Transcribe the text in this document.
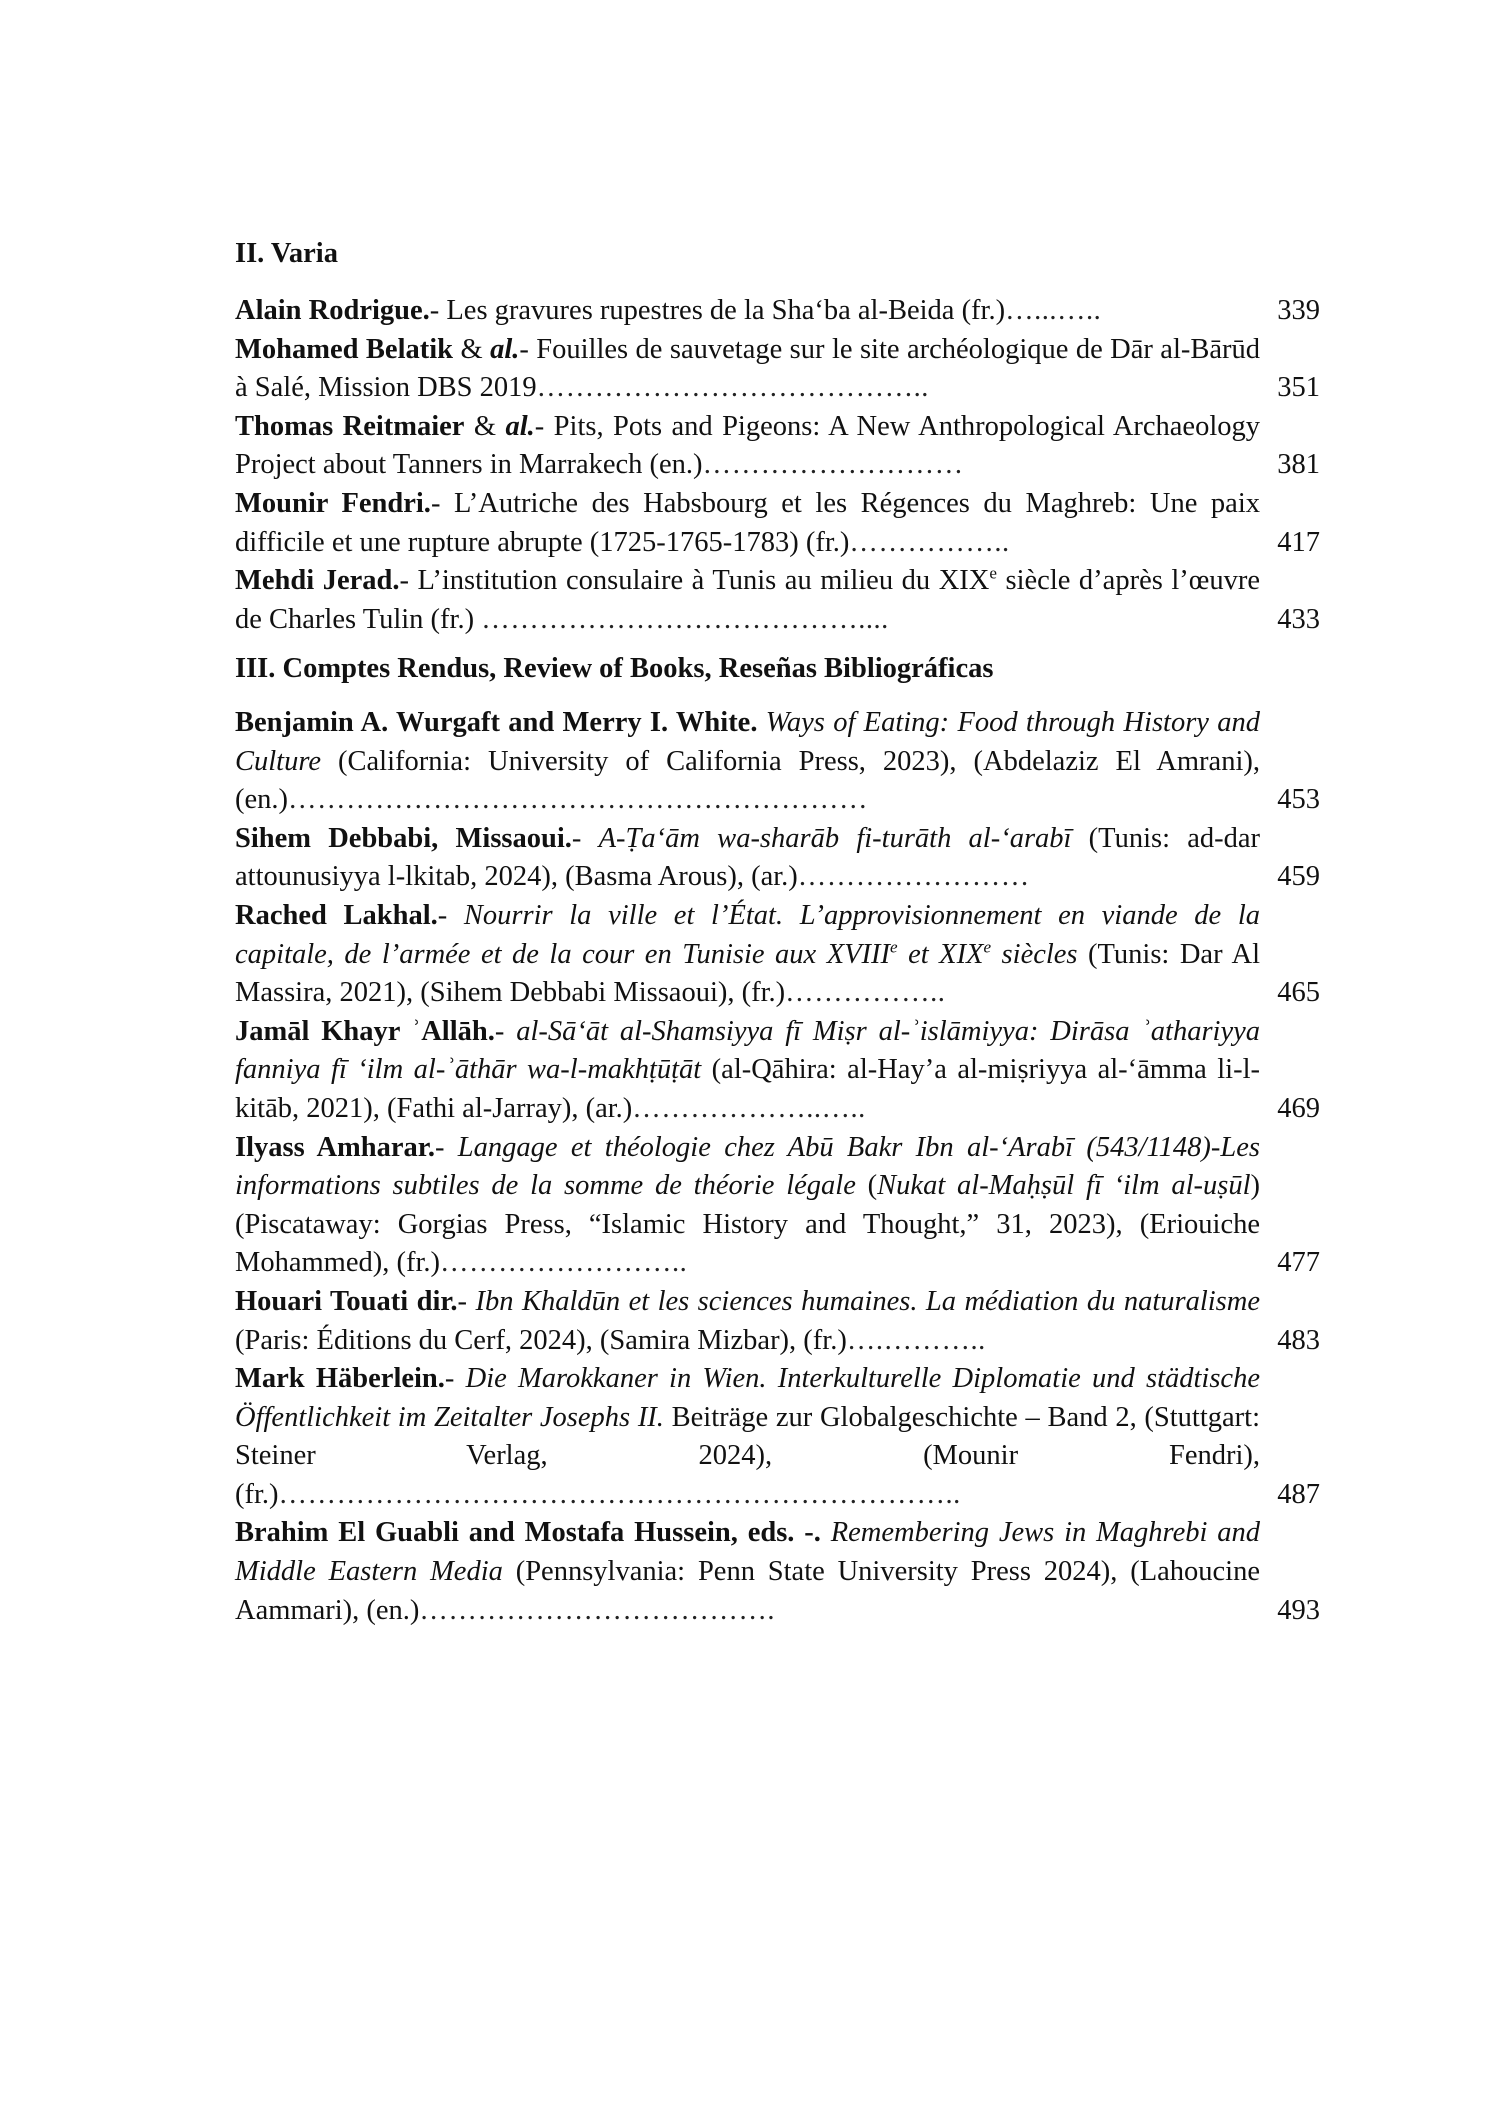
II. Varia
Alain Rodrigue.- Les gravures rupestres de la Sha‘ba al-Beida (fr.)…...…..	339
Mohamed Belatik & al.- Fouilles de sauvetage sur le site archéologique de Dār al-Bārūd à Salé, Mission DBS 2019…………………………………..	351
Thomas Reitmaier & al.- Pits, Pots and Pigeons: A New Anthropological Archaeology Project about Tanners in Marrakech (en.)………………………	381
Mounir Fendri.- L’Autriche des Habsbourg et les Régences du Maghreb: Une paix difficile et une rupture abrupte (1725-1765-1783) (fr.)……………..	417
Mehdi Jerad.- L’institution consulaire à Tunis au milieu du XIXe siècle d’après l’œuvre de Charles Tulin (fr.) …………………………………....	433
III. Comptes Rendus, Review of Books, Reseñas Bibliográficas
Benjamin A. Wurgaft and Merry I. White. Ways of Eating: Food through History and Culture (California: University of California Press, 2023), (Abdelaziz El Amrani), (en.)……………………………………………………	453
Sihem Debbabi, Missaoui.- A-Ṭa‘ām wa-sharāb fi-turāth al-‘arabī (Tunis: ad-dar attounusiyya l-lkitab, 2024), (Basma Arous), (ar.)……………………	459
Rached Lakhal.- Nourrir la ville et l’État. L’approvisionnement en viande de la capitale, de l’armée et de la cour en Tunisie aux XVIIIe et XIXe siècles (Tunis: Dar Al Massira, 2021), (Sihem Debbabi Missaoui), (fr.)……………..	465
Jamāl Khayr ʾAllāh.- al-Sā‘āt al-Shamsiyya fī Miṣr al-ʾislāmiyya: Dirāsa ʾathariyya fanniya fī ‘ilm al-ʾāthār wa-l-makhṭūṭāt (al-Qāhira: al-Hay’a al-miṣriyya al-‘āmma li-l-kitāb, 2021), (Fathi al-Jarray), (ar.)………………..…..	469
Ilyass Amharar.- Langage et théologie chez Abū Bakr Ibn al-‘Arabī (543/1148)-Les informations subtiles de la somme de théorie légale (Nukat al-Maḥṣūl fī ‘ilm al-uṣūl) (Piscataway: Gorgias Press, “Islamic History and Thought,” 31, 2023), (Eriouiche Mohammed), (fr.)……………………..	477
Houari Touati dir.- Ibn Khaldūn et les sciences humaines. La médiation du naturalisme (Paris: Éditions du Cerf, 2024), (Samira Mizbar), (fr.)….………..	483
Mark Häberlein.- Die Marokkaner in Wien. Interkulturelle Diplomatie und städtische Öffentlichkeit im Zeitalter Josephs II. Beiträge zur Globalgeschichte – Band 2, (Stuttgart: Steiner Verlag, 2024), (Mounir Fendri), (fr.)……………………………………………………………..	487
Brahim El Guabli and Mostafa Hussein, eds. -. Remembering Jews in Maghrebi and Middle Eastern Media (Pennsylvania: Penn State University Press 2024), (Lahoucine Aammari), (en.)……………………………….	493
